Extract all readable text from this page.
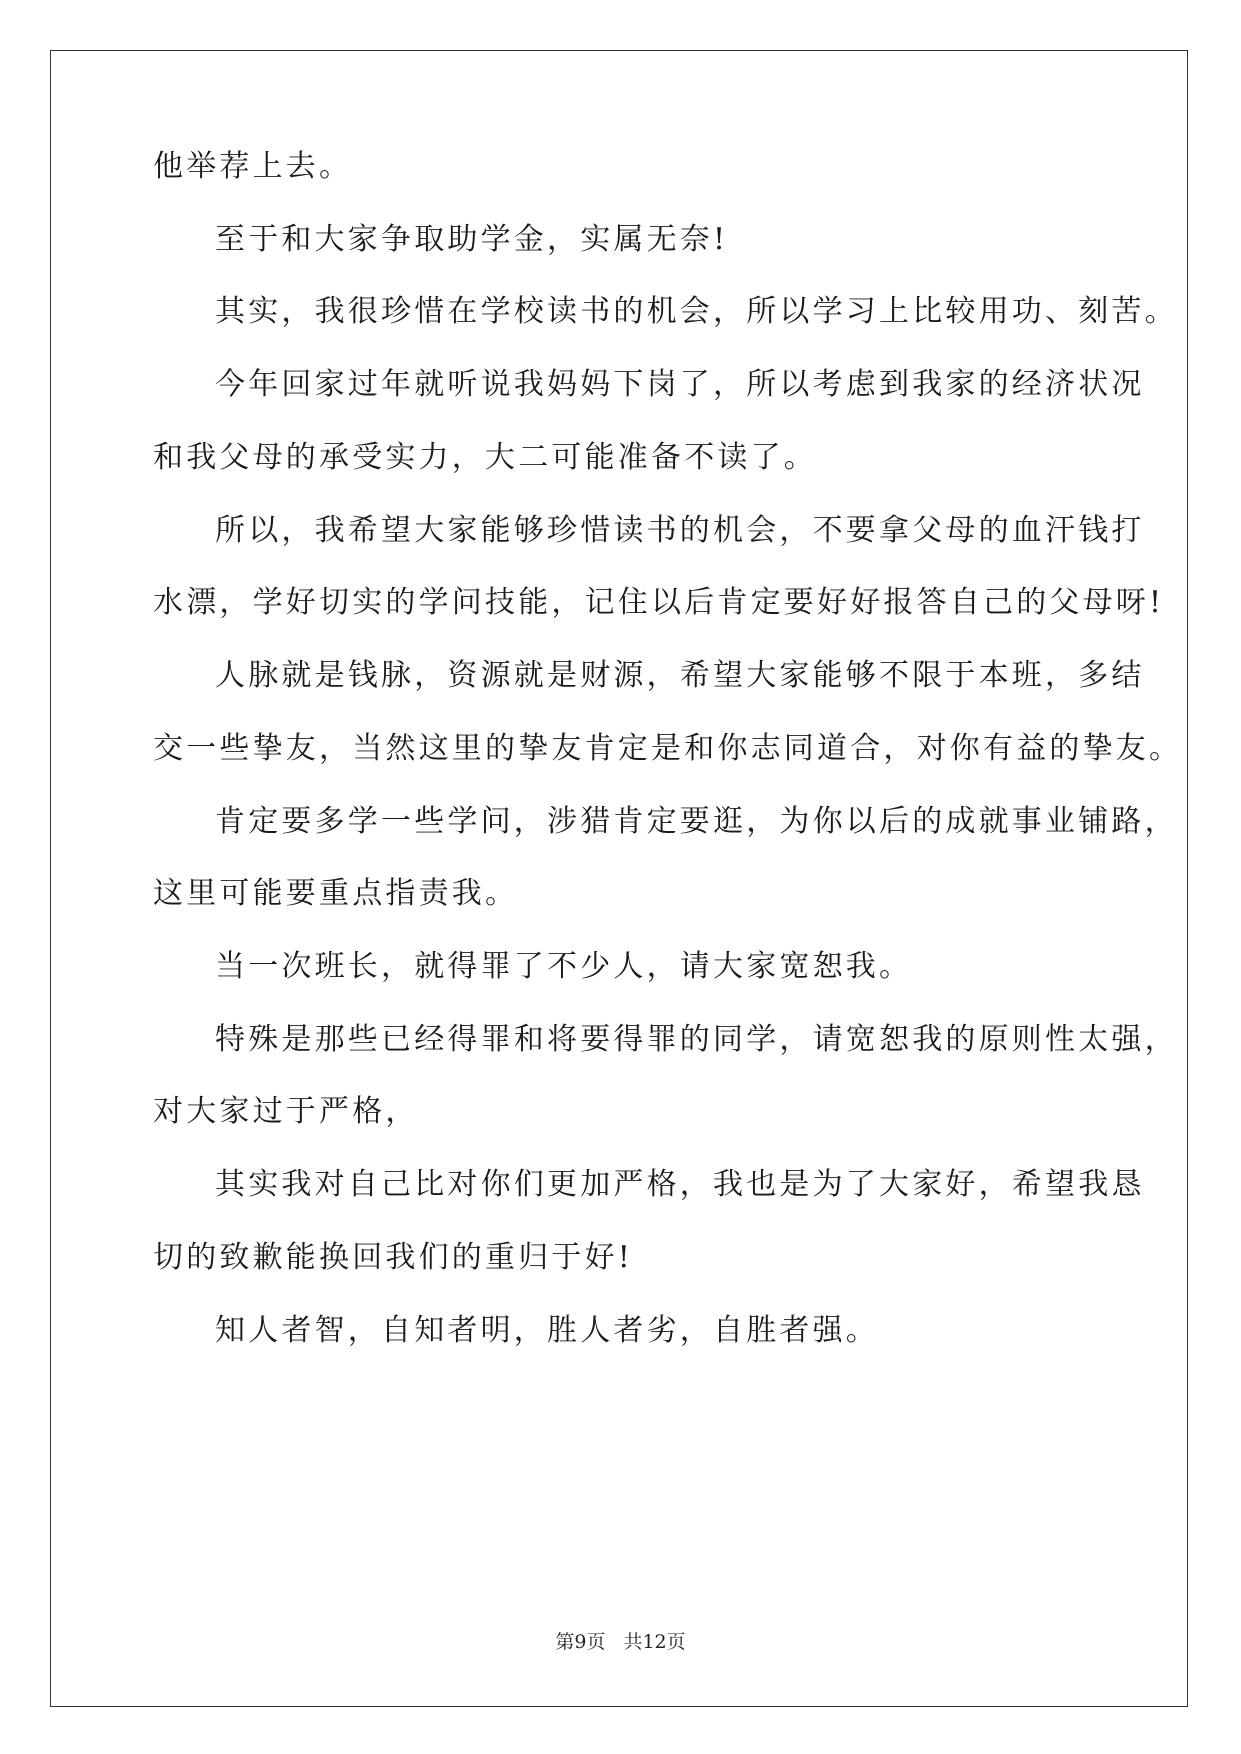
他举荐上去。
至于和大家争取助学金，实属无奈!
其实，我很珍惜在学校读书的机会，所以学习上比较用功、刻苦。
今年回家过年就听说我妈妈下岗了，所以考虑到我家的经济状况
和我父母的承受实力，大二可能准备不读了。
所以，我希望大家能够珍惜读书的机会，不要拿父母的血汗钱打
水漂，学好切实的学问技能，记住以后肯定要好好报答自己的父母呀!
人脉就是钱脉，资源就是财源，希望大家能够不限于本班，多结
交一些挚友，当然这里的挚友肯定是和你志同道合，对你有益的挚友。
肯定要多学一些学问，涉猎肯定要逛，为你以后的成就事业铺路，
这里可能要重点指责我。
当一次班长，就得罪了不少人，请大家宽恕我。
特殊是那些已经得罪和将要得罪的同学，请宽恕我的原则性太强，
对大家过于严格，
其实我对自己比对你们更加严格，我也是为了大家好，希望我恳
切的致歉能换回我们的重归于好!
知人者智，自知者明，胜人者劣，自胜者强。
第9页 共12页
